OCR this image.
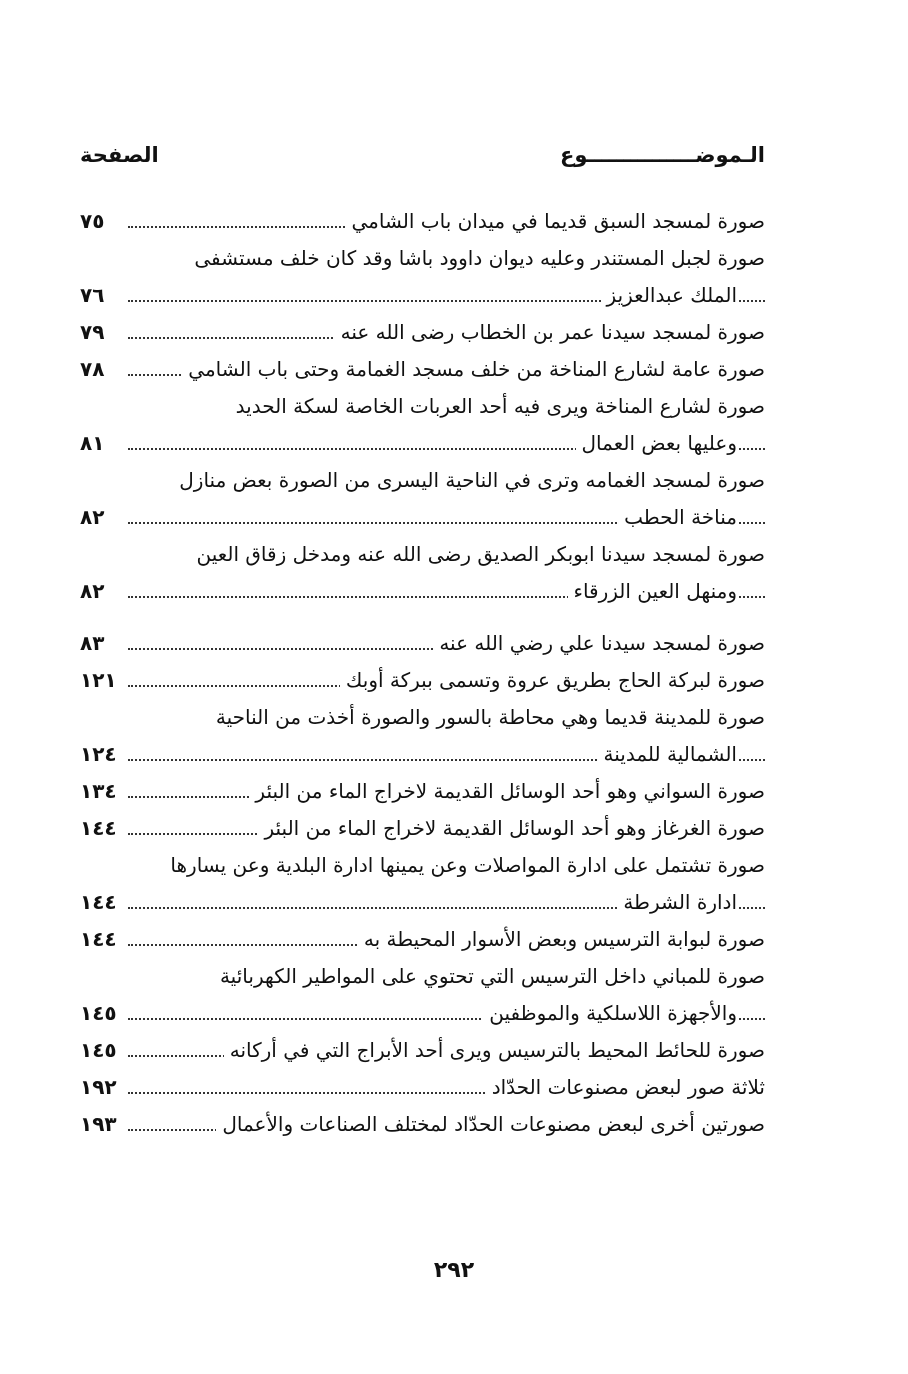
الـموضـــــــــــــــوع
الصفحة
صورة لمسجد السبق قديما في ميدان باب الشامي
٧٥
صورة لجبل المستندر وعليه ديوان داوود باشا وقد كان خلف مستشفى
الملك عبدالعزيز
٧٦
صورة لمسجد سيدنا عمر بن الخطاب رضى الله عنه
٧٩
صورة عامة لشارع المناخة من خلف مسجد الغمامة وحتى باب الشامي
٧٨
صورة لشارع المناخة ويرى فيه أحد العربات الخاصة لسكة الحديد
وعليها بعض العمال
٨١
صورة لمسجد الغمامه وترى في الناحية اليسرى من الصورة بعض منازل
مناخة الحطب
٨٢
صورة لمسجد سيدنا ابوبكر الصديق رضى الله عنه ومدخل زقاق العين
ومنهل العين الزرقاء
٨٢
صورة لمسجد سيدنا علي رضي الله عنه
٨٣
صورة لبركة الحاج بطريق عروة وتسمى ببركة أوبك
١٢١
صورة للمدينة قديما وهي محاطة بالسور والصورة أخذت من الناحية
الشمالية للمدينة
١٢٤
صورة السواني وهو أحد الوسائل القديمة لاخراج الماء من البئر
١٣٤
صورة الغرغاز وهو أحد الوسائل القديمة لاخراج الماء من البئر
١٤٤
صورة تشتمل على ادارة المواصلات وعن يمينها ادارة البلدية وعن يسارها
ادارة الشرطة
١٤٤
صورة لبوابة الترسيس وبعض الأسوار المحيطة به
١٤٤
صورة للمباني داخل الترسيس التي تحتوي على المواطير الكهربائية
والأجهزة اللاسلكية والموظفين
١٤٥
صورة للحائط المحيط بالترسيس ويرى أحد الأبراج التي في أركانه
١٤٥
ثلاثة صور لبعض مصنوعات الحدّاد
١٩٢
صورتين أخرى لبعض مصنوعات الحدّاد لمختلف الصناعات والأعمال
١٩٣
٢٩٢
